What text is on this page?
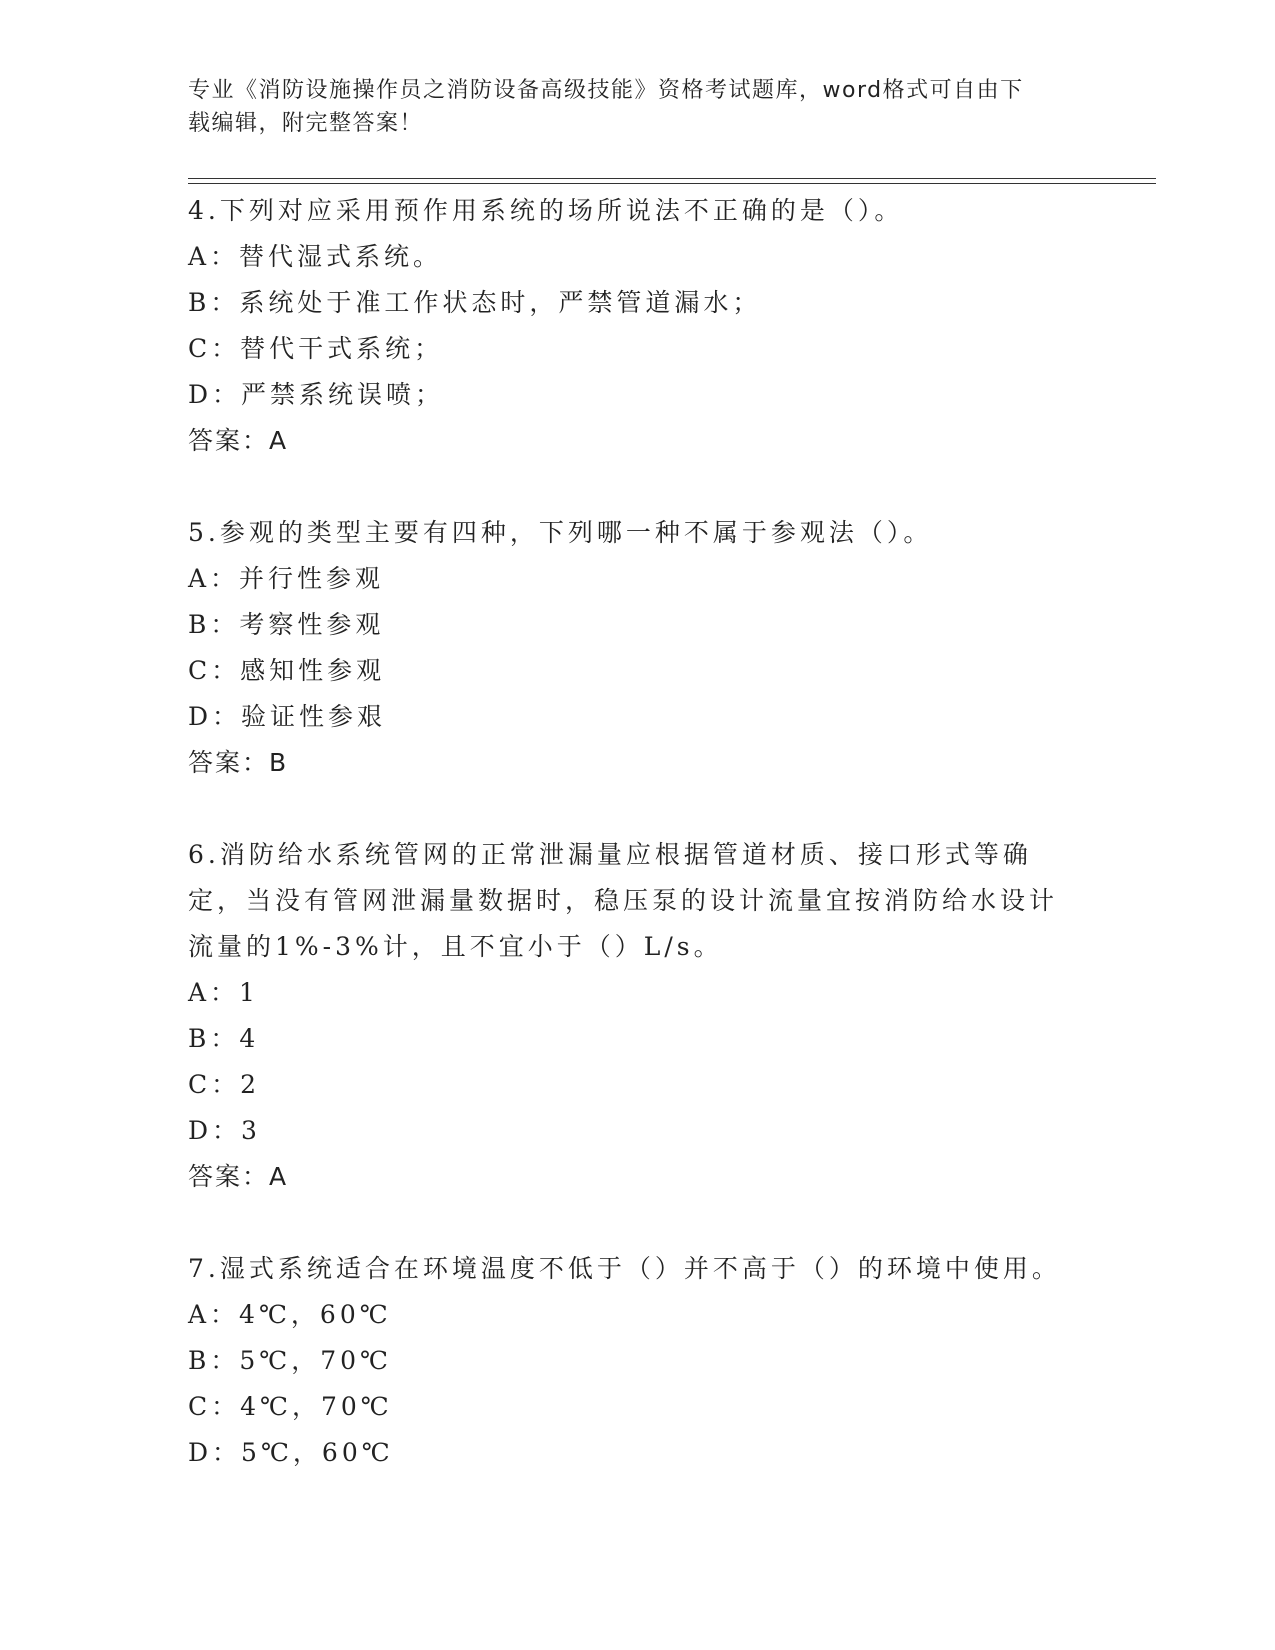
专业《消防设施操作员之消防设备高级技能》资格考试题库，word格式可自由下
载编辑，附完整答案！
4.下列对应采用预作用系统的场所说法不正确的是（）。
A：替代湿式系统。
B：系统处于准工作状态时，严禁管道漏水；
C：替代干式系统；
D：严禁系统误喷；
答案：A
5.参观的类型主要有四种，下列哪一种不属于参观法（）。
A：并行性参观
B：考察性参观
C：感知性参观
D：验证性参艰
答案：B
6.消防给水系统管网的正常泄漏量应根据管道材质、接口形式等确定，当没有管网泄漏量数据时，稳压泵的设计流量宜按消防给水设计流量的1%-3%计，且不宜小于（）L/s。
A：1
B：4
C：2
D：3
答案：A
7.湿式系统适合在环境温度不低于（）并不高于（）的环境中使用。
A：4℃，60℃
B：5℃，70℃
C：4℃，70℃
D：5℃，60℃
